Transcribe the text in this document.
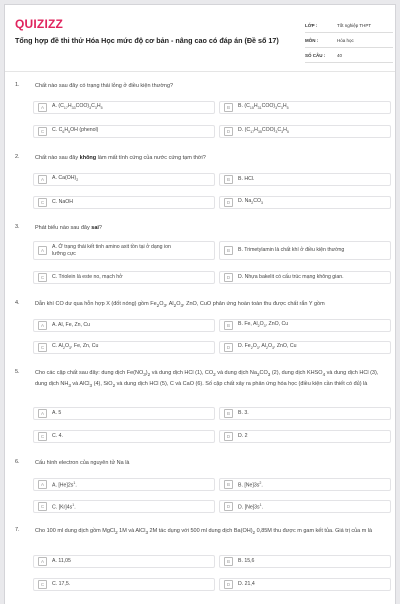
QUIZIZZ
Tổng hợp đề thi thử Hóa Học mức độ cơ bản - nâng cao có đáp án (Đề số 17)
LỚP :	Tốt nghiệp THPT
MÔN :	Hóa học
SỐ CÂU :	40
1.	Chất nào sau đây có trạng thái lỏng ở điều kiện thường?
A	A. $(C_{17}H_{33}COO)_3C_3H_5$	B	B. $(C_{15}H_{31}COO)_3C_3H_5$
C	C. $C_6H_5OH$ (phenol)	D	D. $(C_{17}H_{35}COO)_3C_3H_5$
2.	Chất nào sau đây không làm mất tính cứng của nước cứng tạm thời?
A	A. $Ca(OH)_2$	B	B. HCl.
C	C. NaOH	D	D. $Na_2CO_3$
3.	Phát biểu nào sau đây sai?
A
A. Ở trạng thái kết tinh amino axit tồn tại ở dạng ion lưỡng cực	B	B. Trimetylamin là chất khí ở điều kiện thường
C	C. Triolein là este no, mạch hở	D	D. Nhựa bakelit có cấu trúc mạng không gian.
4.	Dẫn khí CO dư qua hỗn hợp X (đốt nóng) gồm $Fe_2O_3$, $Al_2O_3$, ZnO, CuO phản ứng hoàn toàn thu được chất rắn Y gồm
A	A. Al, Fe, Zn, Cu	B	B. Fe, $Al_2O_3$, ZnO, Cu
C	C. $Al_2O_3$, Fe, Zn, Cu	D	D. $Fe_2O_3$, $Al_2O_3$, ZnO, Cu
5.	Cho các cặp chất sau đây: dung dịch $Fe(NO_3)_2$ và dung dịch HCl (1), $CO_2$ và dung dịch $Na_2CO_3$ (2), dung dịch $KHSO_4$ và dung dịch HCl (3), dung dịch $NH_3$ và AlCl$_3$ (4), SiO$_2$ và dung dịch HCl (5), C và CaO (6). Số cặp chất xảy ra phản ứng hóa học (điều kiện cần thiết có đủ) là
A	A. 5	B	B. 3.
C	C. 4.	D	D. 2
6.	Cấu hình electron của nguyên tử Na là
A	A. $[He]2s^1$.	B	B. $[Ne]3s^2$.
C	C. $[Kr]4s^1$.	D	D. $[Ne]3s^1$.
7.	Cho 100 ml dung dịch gồm MgCl$_2$ 1M và AlCl$_3$ 2M tác dụng với 500 ml dung dịch $Ba(OH)_2$ 0,85M thu được m gam kết tủa. Giá trị của m là
A	A. 11,05	B	B. 15,6
C	C. 17,5.	D	D. 21,4
